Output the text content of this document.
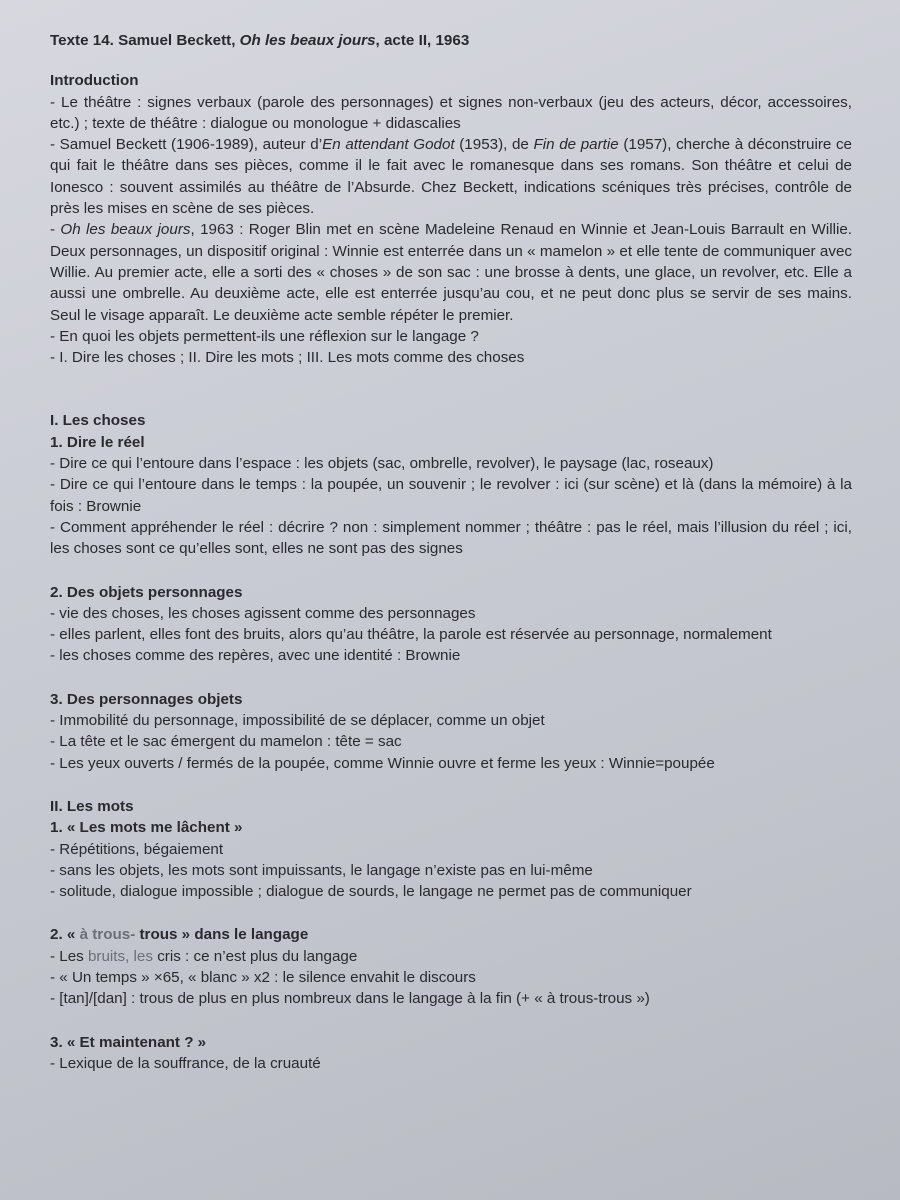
Texte 14. Samuel Beckett, Oh les beaux jours, acte II, 1963

Introduction

- Le théâtre : signes verbaux (parole des personnages) et signes non-verbaux (jeu des acteurs, décor, accessoires, etc.) ; texte de théâtre : dialogue ou monologue + didascalies

- Samuel Beckett (1906-1989), auteur d’En attendant Godot (1953), de Fin de partie (1957), cherche à déconstruire ce qui fait le théâtre dans ses pièces, comme il le fait avec le romanesque dans ses romans. Son théâtre et celui de Ionesco : souvent assimilés au théâtre de l’Absurde. Chez Beckett, indications scéniques très précises, contrôle de près les mises en scène de ses pièces.

- Oh les beaux jours, 1963 : Roger Blin met en scène Madeleine Renaud en Winnie et Jean-Louis Barrault en Willie. Deux personnages, un dispositif original : Winnie est enterrée dans un « mamelon » et elle tente de communiquer avec Willie. Au premier acte, elle a sorti des « choses » de son sac : une brosse à dents, une glace, un revolver, etc. Elle a aussi une ombrelle. Au deuxième acte, elle est enterrée jusqu’au cou, et ne peut donc plus se servir de ses mains. Seul le visage apparaît. Le deuxième acte semble répéter le premier.

- En quoi les objets permettent-ils une réflexion sur le langage ?

- I. Dire les choses ; II. Dire les mots ; III. Les mots comme des choses

I. Les choses

1. Dire le réel

- Dire ce qui l’entoure dans l’espace : les objets (sac, ombrelle, revolver), le paysage (lac, roseaux)

- Dire ce qui l’entoure dans le temps : la poupée, un souvenir ; le revolver : ici (sur scène) et là (dans la mémoire) à la fois : Brownie

- Comment appréhender le réel : décrire ? non : simplement nommer ; théâtre : pas le réel, mais l’illusion du réel ; ici, les choses sont ce qu’elles sont, elles ne sont pas des signes

2. Des objets personnages

- vie des choses, les choses agissent comme des personnages

- elles parlent, elles font des bruits, alors qu’au théâtre, la parole est réservée au personnage, normalement

- les choses comme des repères, avec une identité : Brownie

3. Des personnages objets

- Immobilité du personnage, impossibilité de se déplacer, comme un objet

- La tête et le sac émergent du mamelon : tête = sac

- Les yeux ouverts / fermés de la poupée, comme Winnie ouvre et ferme les yeux : Winnie=poupée

II. Les mots

1. « Les mots me lâchent »

- Répétitions, bégaiement

- sans les objets, les mots sont impuissants, le langage n’existe pas en lui-même

- solitude, dialogue impossible ; dialogue de sourds, le langage ne permet pas de communiquer

2. « à trous- trous » dans le langage

- Les bruits, les cris : ce n’est plus du langage

- « Un temps » ×65, « blanc » x2 : le silence envahit le discours

- [tan]/[dan] : trous de plus en plus nombreux dans le langage à la fin (+ « à trous-trous »)

3. « Et maintenant ? »

- Lexique de la souffrance, de la cruauté
